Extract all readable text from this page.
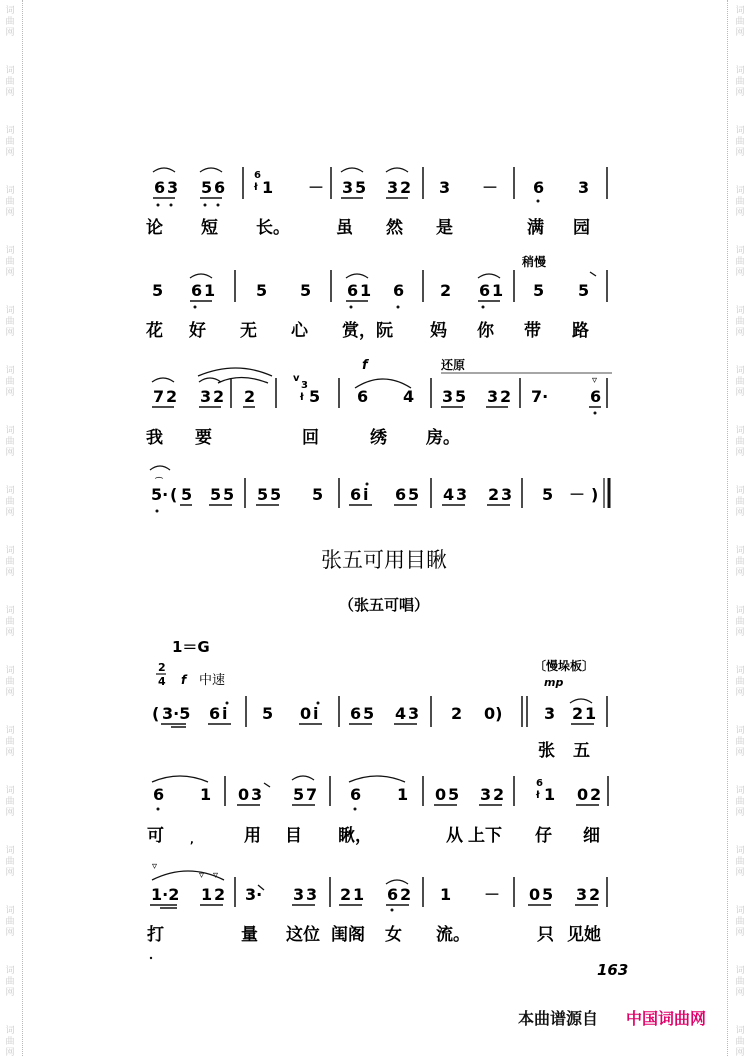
词
曲
网
词
曲
网
词
曲
网
词
曲
网
词
曲
网
词
曲
网
词
曲
网
词
曲
网
词
曲
网
词
曲
网
词
曲
网
词
曲
网
词
曲
网
词
曲
网
词
曲
网
词
曲
网
词
曲
网
词
曲
网
词
曲
网
词
曲
网
词
曲
网
词
曲
网
词
曲
网
词
曲
网
词
曲
网
词
曲
网
词
曲
网
词
曲
网
词
曲
网
词
曲
网
词
曲
网
词
曲
网
词
曲
网
词
曲
网
词
曲
网
词
曲
网
6 3 5 6
6
ł 1 － 3 5 3 2 3 － 6 3
论 短 长。	虽 然 是	满 园
稍慢
5 6 1	5 5 6 1 6 2 6 1 5 5
花 好 无 心 赏，阮 妈 你 带 路
f	还原
▿
7 2 3 2 2
v
3
ł 5 6 4 3 5 3 2 7·	6
我 要	回	绣 房。
⌒
5· ( 5 5 5 5 5 5 6 i 6 5 4 3 2 3 5 － )
张五可用目瞅
（张五可唱）
1＝G
2
4 f 中速
〔慢垛板〕
mp
( 3·5 6 i 5 0 i 6 5 4 3 2 0)	3 2 1
张 五
6 1 0 3 5 7 6 1 0 5 3 2
6
ł 1 0 2
可	,	用 目 瞅，	从 上下 仔 细
▿
▿ ▿
1·2 1 2 3· 3 3 2 1 6 2 1 － 0 5 3 2
打	量 这位 闺阁 女 流。	只 见她
163
本曲谱源自 中国词曲网
